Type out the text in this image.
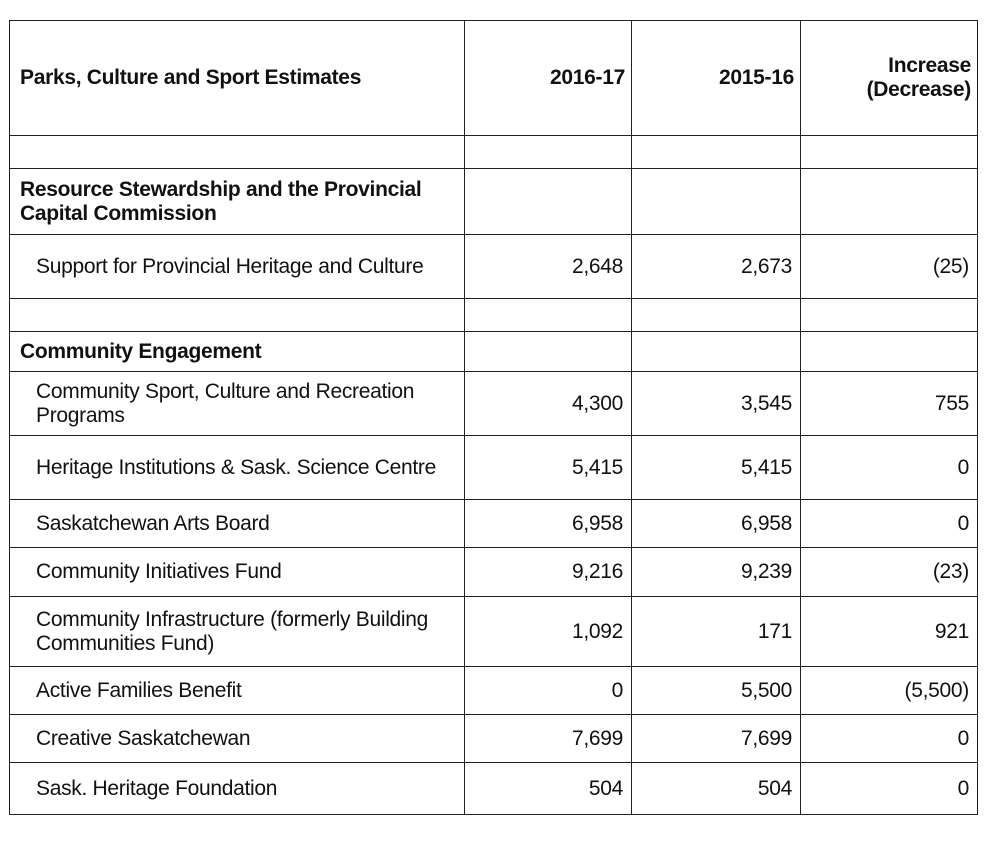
Parks, Culture and Sport Estimates	2016-17	2015-16	Increase
(Decrease)

Resource Stewardship and the Provincial Capital Commission			
Support for Provincial Heritage and Culture	2,648	2,673	(25)

Community Engagement			
Community Sport, Culture and Recreation Programs	4,300	3,545	755
Heritage Institutions & Sask. Science Centre	5,415	5,415	0
Saskatchewan Arts Board	6,958	6,958	0
Community Initiatives Fund	9,216	9,239	(23)
Community Infrastructure (formerly Building Communities Fund)	1,092	171	921
Active Families Benefit	0	5,500	(5,500)
Creative Saskatchewan	7,699	7,699	0
Sask. Heritage Foundation	504	504	0
